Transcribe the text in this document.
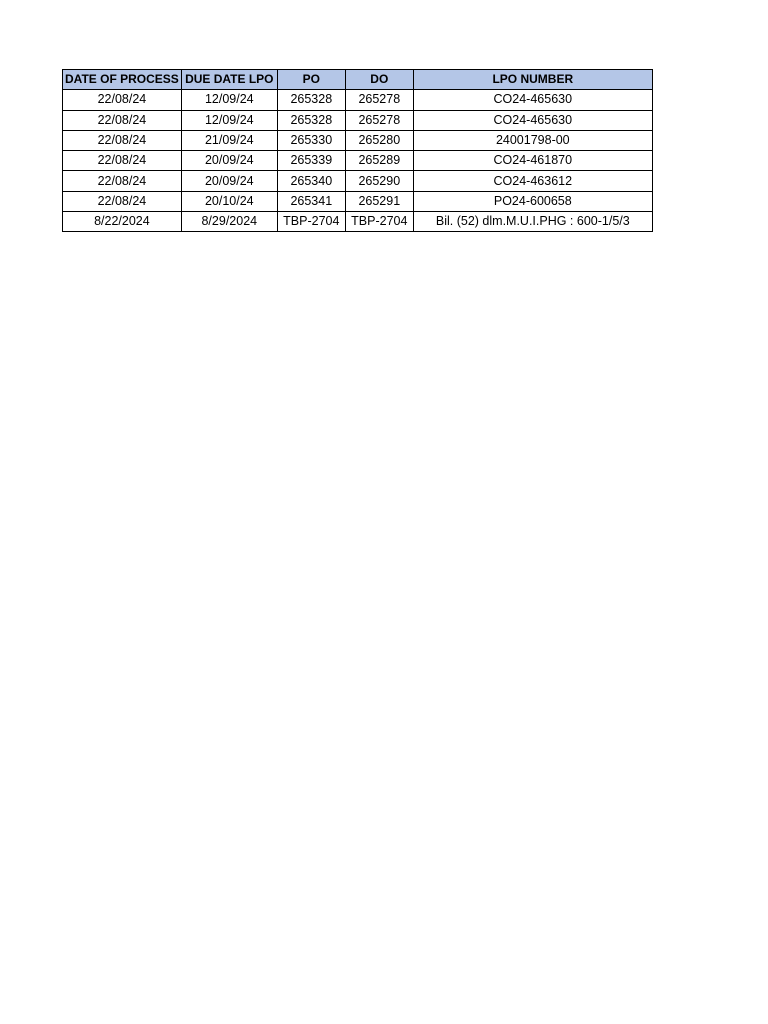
DATE OF PROCESS	DUE DATE LPO	PO	DO	LPO NUMBER
22/08/24	12/09/24	265328	265278	CO24-465630
22/08/24	12/09/24	265328	265278	CO24-465630
22/08/24	21/09/24	265330	265280	24001798-00
22/08/24	20/09/24	265339	265289	CO24-461870
22/08/24	20/09/24	265340	265290	CO24-463612
22/08/24	20/10/24	265341	265291	PO24-600658
8/22/2024	8/29/2024	TBP-2704	TBP-2704	Bil. (52) dlm.M.U.I.PHG : 600-1/5/3
